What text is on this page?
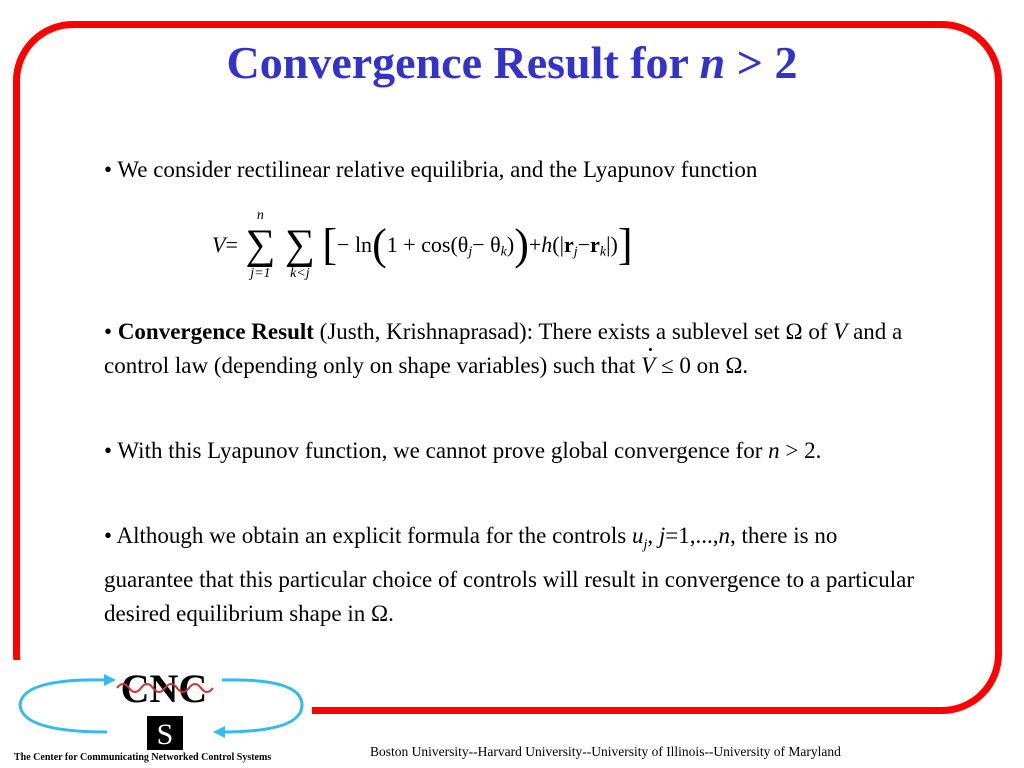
Convergence Result for n > 2
• We consider rectilinear relative equilibria, and the Lyapunov function
V=
n
∑
j=1

∑
k<j
[− $\ln(1 + \cos(\theta_j- \theta_k))+h(|r_j-r_k|)$]
• Convergence Result (Justh, Krishnaprasad): There exists a sublevel set Ω of V and a control law (depending only on shape variables) such that · V ≤ 0 on Ω.
• With this Lyapunov function, we cannot prove global convergence for n > 2.
• Although we obtain an explicit formula for the controls $u_j$, j=1,...,n, there is no guarantee that this particular choice of controls will result in convergence to a particular desired equilibrium shape in Ω.
CNC
S
The Center for Communicating Networked Control Systems	Boston University--Harvard University--University of Illinois--University of Maryland
